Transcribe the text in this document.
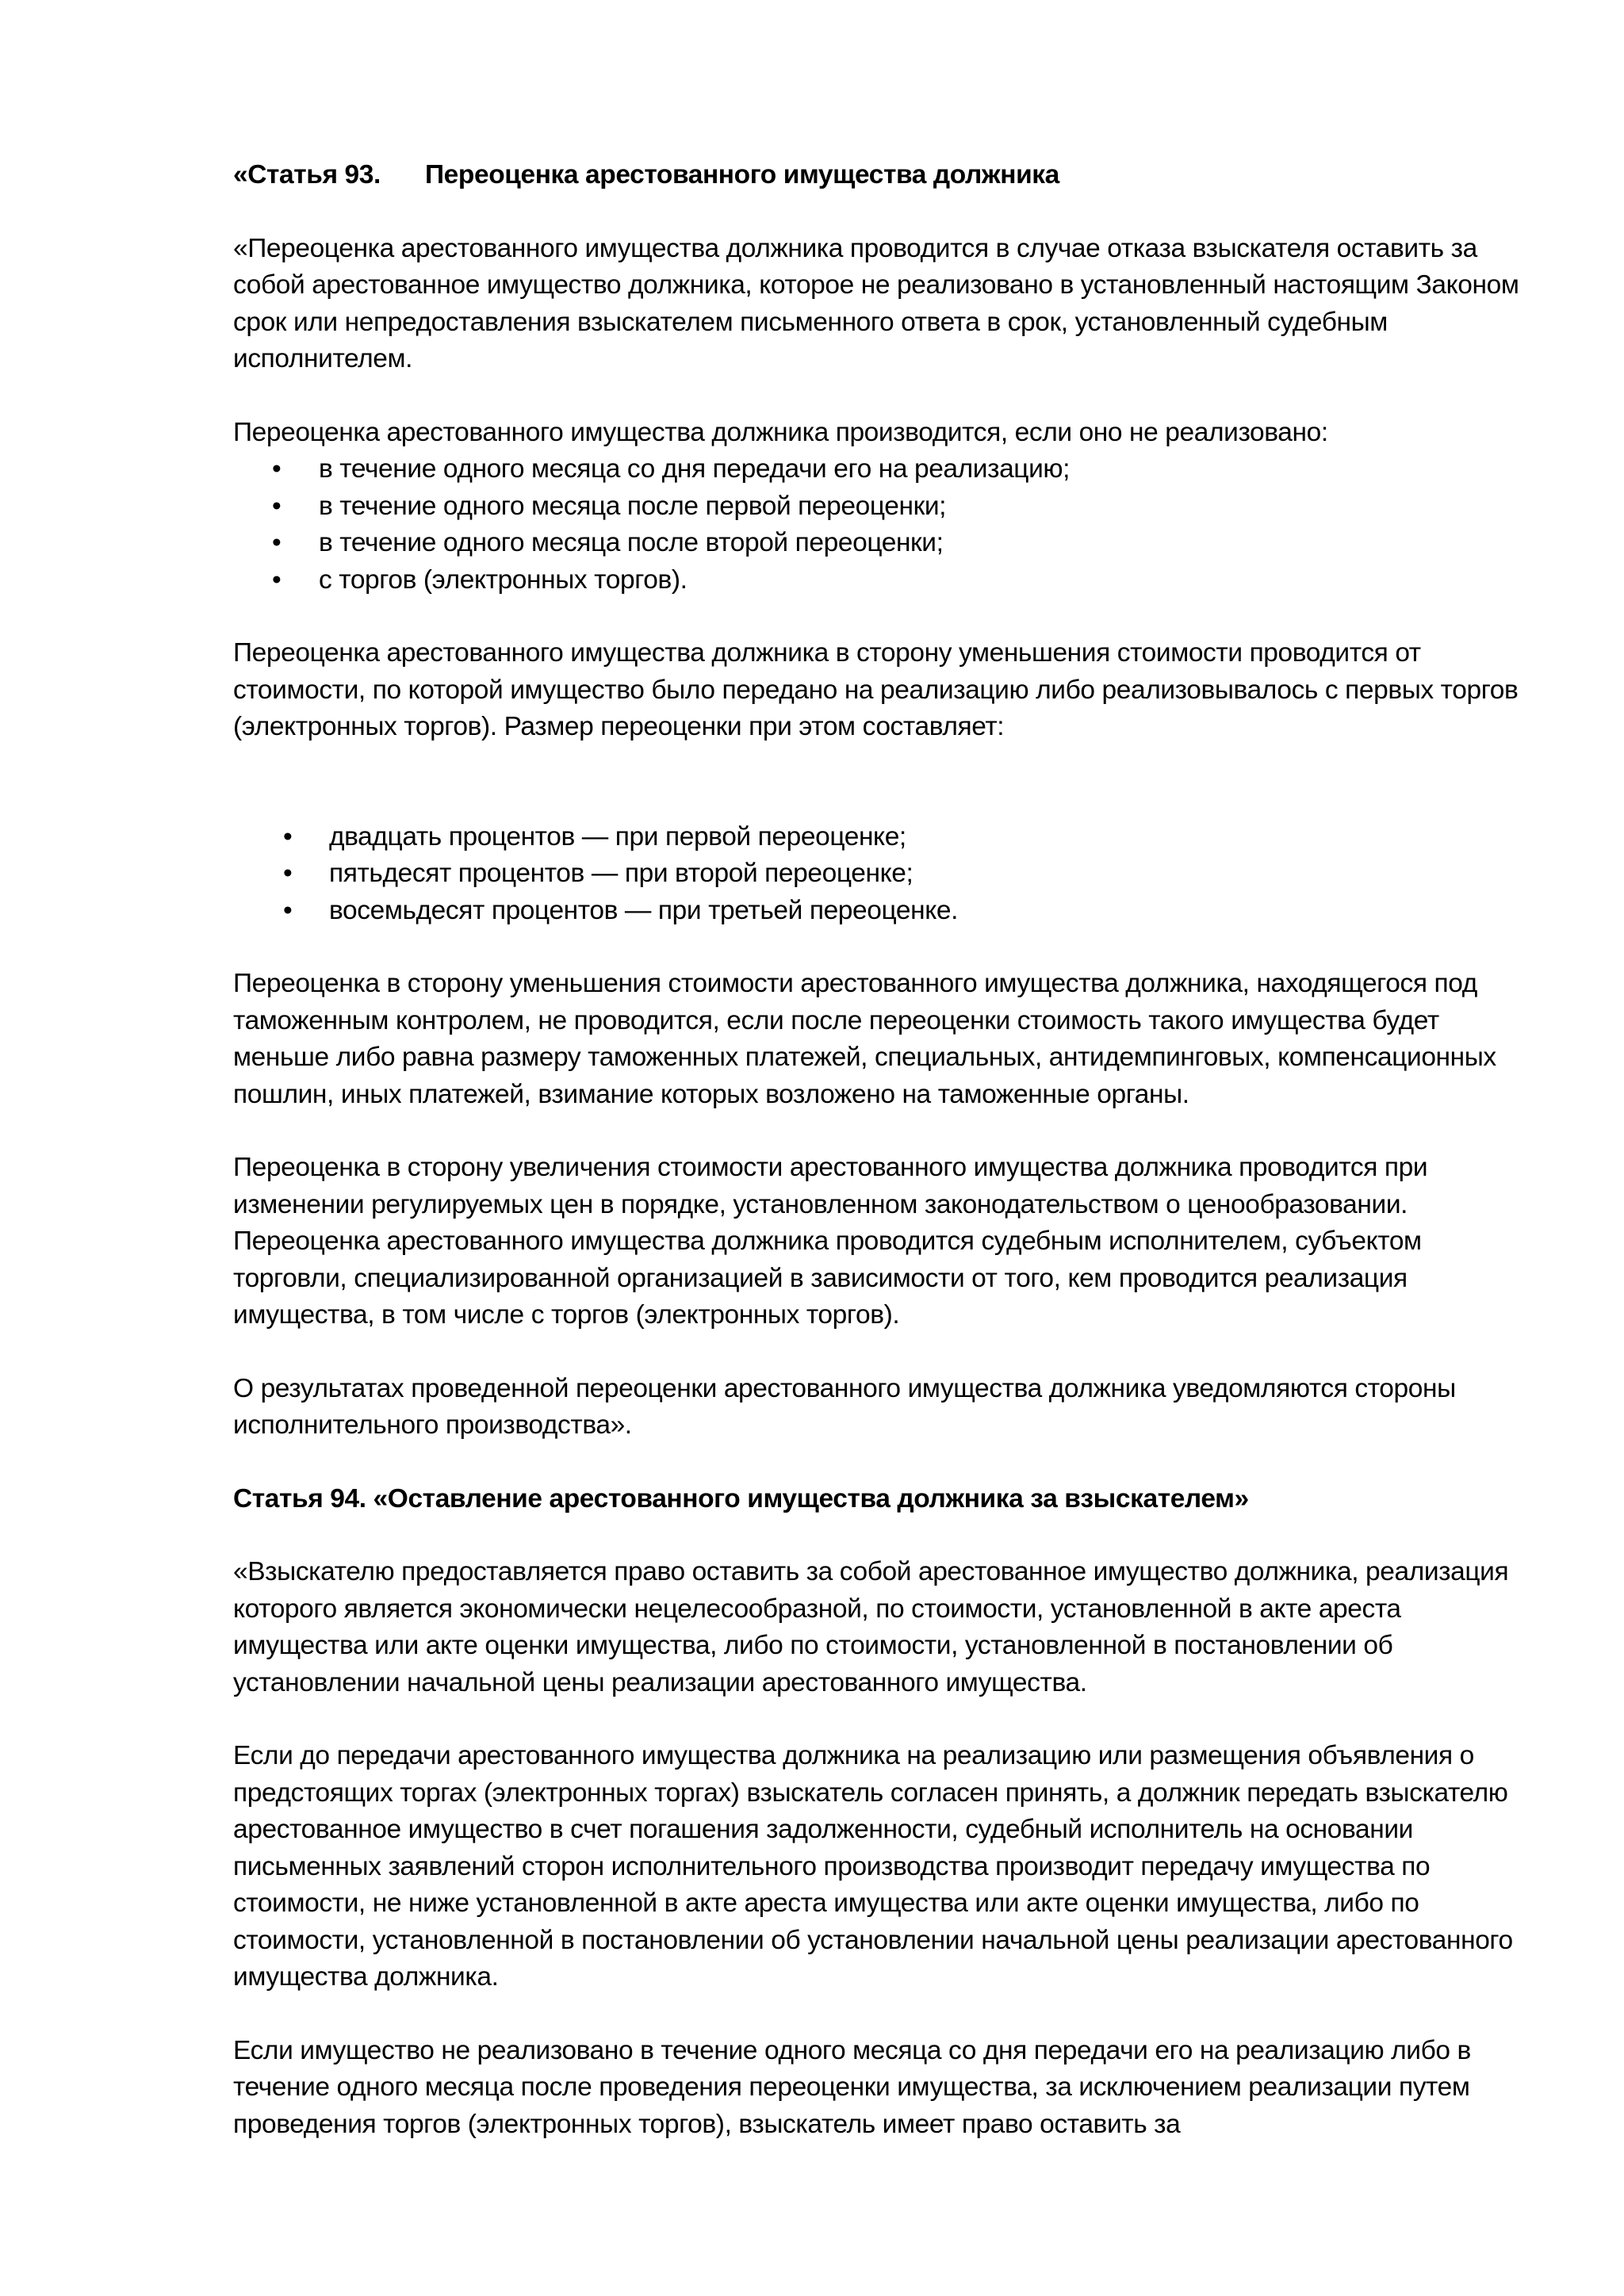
«Статья 93. Переоценка арестованного имущества должника

«Переоценка арестованного имущества должника проводится в случае отказа взыскателя оставить за собой арестованное имущество должника, которое не реализовано в установленный настоящим Законом срок или непредоставления взыскателем письменного ответа в срок, установленный судебным исполнителем.

Переоценка арестованного имущества должника производится, если оно не реализовано:

• в течение одного месяца со дня передачи его на реализацию;
• в течение одного месяца после первой переоценки;
• в течение одного месяца после второй переоценки;
• с торгов (электронных торгов).

Переоценка арестованного имущества должника в сторону уменьшения стоимости проводится от стоимости, по которой имущество было передано на реализацию либо реализовывалось с первых торгов (электронных торгов). Размер переоценки при этом составляет:

• двадцать процентов — при первой переоценке;
• пятьдесят процентов — при второй переоценке;
• восемьдесят процентов — при третьей переоценке.

Переоценка в сторону уменьшения стоимости арестованного имущества должника, находящегося под таможенным контролем, не проводится, если после переоценки стоимость такого имущества будет меньше либо равна размеру таможенных платежей, специальных, антидемпинговых, компенсационных пошлин, иных платежей, взимание которых возложено на таможенные органы.

Переоценка в сторону увеличения стоимости арестованного имущества должника проводится при изменении регулируемых цен в порядке, установленном законодательством о ценообразовании. Переоценка арестованного имущества должника проводится судебным исполнителем, субъектом торговли, специализированной организацией в зависимости от того, кем проводится реализация имущества, в том числе с торгов (электронных торгов).

О результатах проведенной переоценки арестованного имущества должника уведомляются стороны исполнительного производства».

Статья 94. «Оставление арестованного имущества должника за взыскателем»

«Взыскателю предоставляется право оставить за собой арестованное имущество должника, реализация которого является экономически нецелесообразной, по стоимости, установленной в акте ареста имущества или акте оценки имущества, либо по стоимости, установленной в постановлении об установлении начальной цены реализации арестованного имущества.

Если до передачи арестованного имущества должника на реализацию или размещения объявления о предстоящих торгах (электронных торгах) взыскатель согласен принять, а должник передать взыскателю арестованное имущество в счет погашения задолженности, судебный исполнитель на основании письменных заявлений сторон исполнительного производства производит передачу имущества по стоимости, не ниже установленной в акте ареста имущества или акте оценки имущества, либо по стоимости, установленной в постановлении об установлении начальной цены реализации арестованного имущества должника.

Если имущество не реализовано в течение одного месяца со дня передачи его на реализацию либо в течение одного месяца после проведения переоценки имущества, за исключением реализации путем проведения торгов (электронных торгов), взыскатель имеет право оставить за
